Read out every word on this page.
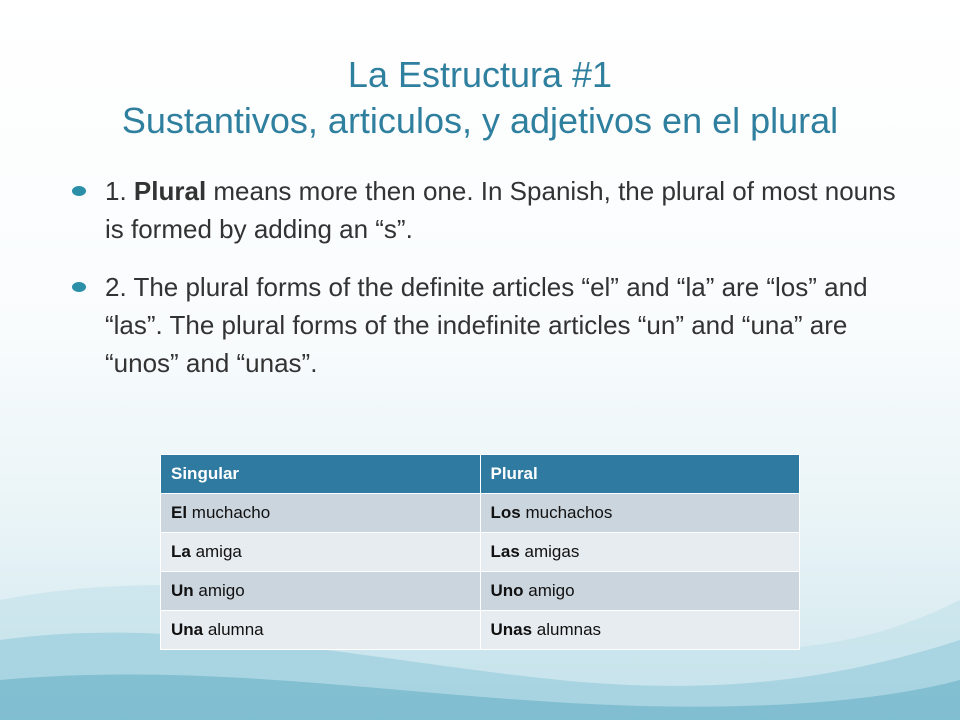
La Estructura #1
Sustantivos, articulos, y adjetivos en el plural
1. Plural means more then one. In Spanish, the plural of most nouns is formed by adding an “s”.
2. The plural forms of the definite articles “el” and “la” are “los” and “las”. The plural forms of the indefinite articles “un” and “una” are “unos” and “unas”.
Singular	Plural
El muchacho	Los muchachos
La amiga	Las amigas
Un amigo	Uno amigo
Una alumna	Unas alumnas
